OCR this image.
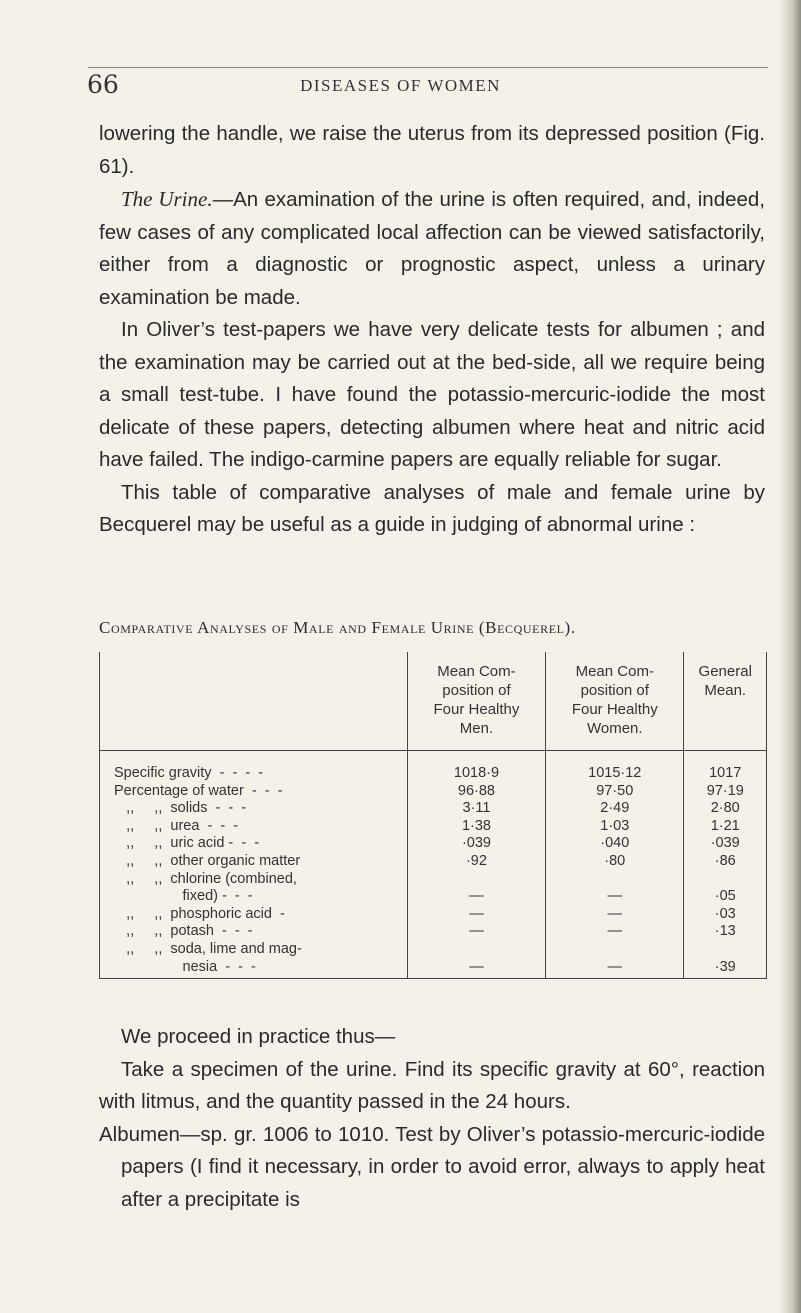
66	DISEASES OF WOMEN

lowering the handle, we raise the uterus from its depressed position (Fig. 61).

The Urine.—An examination of the urine is often required, and, indeed, few cases of any complicated local affection can be viewed satisfactorily, either from a diagnostic or prognostic aspect, unless a urinary examination be made.

In Oliver’s test-papers we have very delicate tests for albumen ; and the examination may be carried out at the bed-side, all we require being a small test-tube. I have found the potassio-mercuric-iodide the most delicate of these papers, detecting albumen where heat and nitric acid have failed. The indigo-carmine papers are equally reliable for sugar.

This table of comparative analyses of male and female urine by Becquerel may be useful as a guide in judging of abnormal urine :

Comparative Analyses of Male and Female Urine (Becquerel).
	Mean Com-
position of
Four Healthy
Men.	Mean Com-
position of
Four Healthy
Women.	General
Mean.
Specific gravity  -  -  -  -	1018·9	1015·12	1017
Percentage of water  -  -  -	96·88	97·50	97·19
,,     ,,  solids  -  -  -	3·11	2·49	2·80
,,     ,,  urea  -  -  -	1·38	1·03	1·21
,,     ,,  uric acid -  -  -	·039	·040	·039
,,     ,,  other organic matter	·92	·80	·86
,,     ,,  chlorine (combined,
fixed) -  -  -	—	—	·05
,,     ,,  phosphoric acid  -	—	—	·03
,,     ,,  potash  -  -  -	—	—	·13
,,     ,,  soda, lime and mag-
nesia  -  -  -	—	—	·39

We proceed in practice thus—

Take a specimen of the urine. Find its specific gravity at 60°, reaction with litmus, and the quantity passed in the 24 hours.

Albumen—sp. gr. 1006 to 1010. Test by Oliver’s potassio-mercuric-iodide papers (I find it necessary, in order to avoid error, always to apply heat after a precipitate is
